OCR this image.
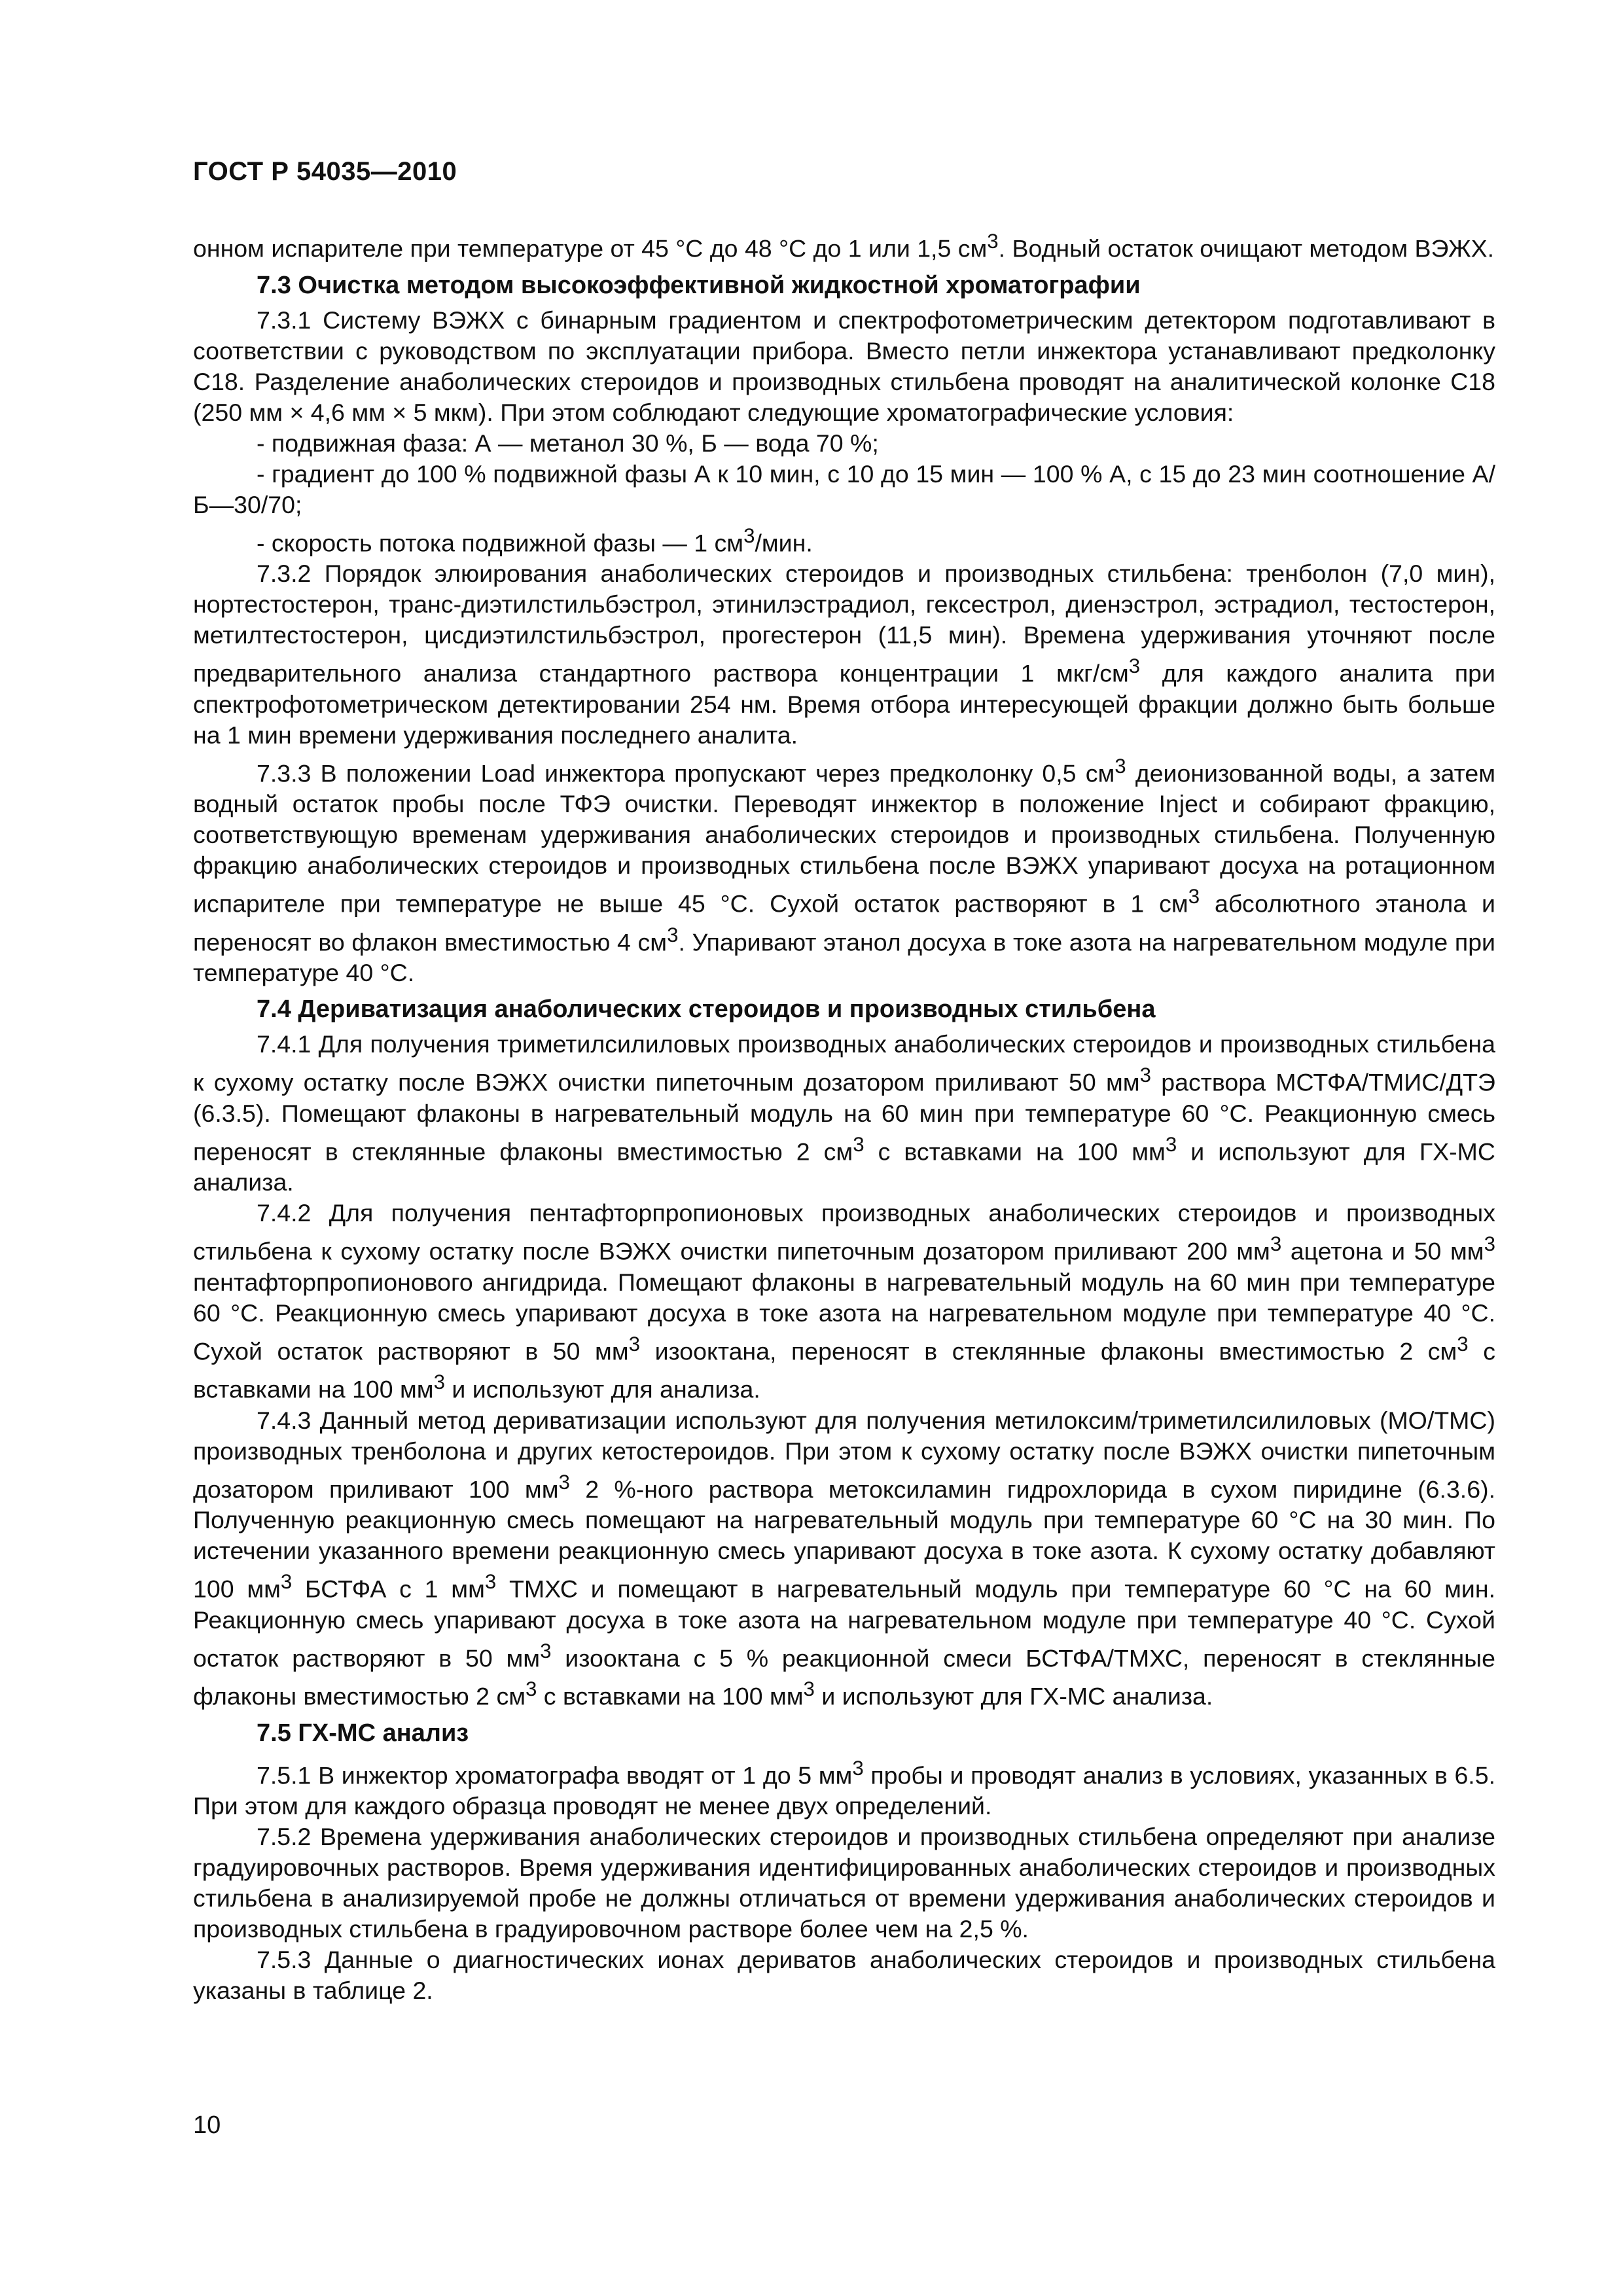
ГОСТ Р 54035—2010

онном испарителе при температуре от 45 °С до 48 °С до 1 или 1,5 $см^3$. Водный остаток очищают методом ВЭЖХ.

7.3 Очистка методом высокоэффективной жидкостной хроматографии

7.3.1 Систему ВЭЖХ с бинарным градиентом и спектрофотометрическим детектором подготавливают в соответствии с руководством по эксплуатации прибора. Вместо петли инжектора устанавливают предколонку С18. Разделение анаболических стероидов и производных стильбена проводят на аналитической колонке С18 (250 мм × 4,6 мм × 5 мкм). При этом соблюдают следующие хроматографические условия:

- подвижная фаза: А — метанол 30 %, Б — вода 70 %;

- градиент до 100 % подвижной фазы А к 10 мин, с 10 до 15 мин — 100 % А, с 15 до 23 мин соотношение А/Б—30/70;

- скорость потока подвижной фазы — 1 $см^3$/мин.

7.3.2 Порядок элюирования анаболических стероидов и производных стильбена: тренболон (7,0 мин), нортестостерон, транс-диэтилстильбэстрол, этинилэстрадиол, гексестрол, диенэстрол, эстрадиол, тестостерон, метилтестостерон, цисдиэтилстильбэстрол, прогестерон (11,5 мин). Времена удерживания уточняют после предварительного анализа стандартного раствора концентрации 1 мкг/$см^3$ для каждого аналита при спектрофотометрическом детектировании 254 нм. Время отбора интересующей фракции должно быть больше на 1 мин времени удерживания последнего аналита.

7.3.3 В положении Load инжектора пропускают через предколонку 0,5 $см^3$ деионизованной воды, а затем водный остаток пробы после ТФЭ очистки. Переводят инжектор в положение Inject и собирают фракцию, соответствующую временам удерживания анаболических стероидов и производных стильбена. Полученную фракцию анаболических стероидов и производных стильбена после ВЭЖХ упаривают досуха на ротационном испарителе при температуре не выше 45 °С. Сухой остаток растворяют в 1 $см^3$ абсолютного этанола и переносят во флакон вместимостью 4 $см^3$. Упаривают этанол досуха в токе азота на нагревательном модуле при температуре 40 °С.

7.4 Дериватизация анаболических стероидов и производных стильбена

7.4.1 Для получения триметилсилиловых производных анаболических стероидов и производных стильбена к сухому остатку после ВЭЖХ очистки пипеточным дозатором приливают 50 $мм^3$ раствора МСТФА/ТМИС/ДТЭ (6.3.5). Помещают флаконы в нагревательный модуль на 60 мин при температуре 60 °С. Реакционную смесь переносят в стеклянные флаконы вместимостью 2 $см^3$ с вставками на 100 $мм^3$ и используют для ГХ-МС анализа.

7.4.2 Для получения пентафторпропионовых производных анаболических стероидов и производных стильбена к сухому остатку после ВЭЖХ очистки пипеточным дозатором приливают 200 $мм^3$ ацетона и 50 $мм^3$ пентафторпропионового ангидрида. Помещают флаконы в нагревательный модуль на 60 мин при температуре 60 °С. Реакционную смесь упаривают досуха в токе азота на нагревательном модуле при температуре 40 °С. Сухой остаток растворяют в 50 $мм^3$ изооктана, переносят в стеклянные флаконы вместимостью 2 $см^3$ с вставками на 100 $мм^3$ и используют для анализа.

7.4.3 Данный метод дериватизации используют для получения метилоксим/триметилсилиловых (МО/ТМС) производных тренболона и других кетостероидов. При этом к сухому остатку после ВЭЖХ очистки пипеточным дозатором приливают 100 $мм^3$ 2 %-ного раствора метоксиламин гидрохлорида в сухом пиридине (6.3.6). Полученную реакционную смесь помещают на нагревательный модуль при температуре 60 °С на 30 мин. По истечении указанного времени реакционную смесь упаривают досуха в токе азота. К сухому остатку добавляют 100 $мм^3$ БСТФА с 1 $мм^3$ ТМХС и помещают в нагревательный модуль при температуре 60 °С на 60 мин. Реакционную смесь упаривают досуха в токе азота на нагревательном модуле при температуре 40 °С. Сухой остаток растворяют в 50 $мм^3$ изооктана с 5 % реакционной смеси БСТФА/ТМХС, переносят в стеклянные флаконы вместимостью 2 $см^3$ с вставками на 100 $мм^3$ и используют для ГХ-МС анализа.

7.5 ГХ-МС анализ

7.5.1 В инжектор хроматографа вводят от 1 до 5 $мм^3$ пробы и проводят анализ в условиях, указанных в 6.5. При этом для каждого образца проводят не менее двух определений.

7.5.2 Времена удерживания анаболических стероидов и производных стильбена определяют при анализе градуировочных растворов. Время удерживания идентифицированных анаболических стероидов и производных стильбена в анализируемой пробе не должны отличаться от времени удерживания анаболических стероидов и производных стильбена в градуировочном растворе более чем на 2,5 %.

7.5.3 Данные о диагностических ионах дериватов анаболических стероидов и производных стильбена указаны в таблице 2.

10
